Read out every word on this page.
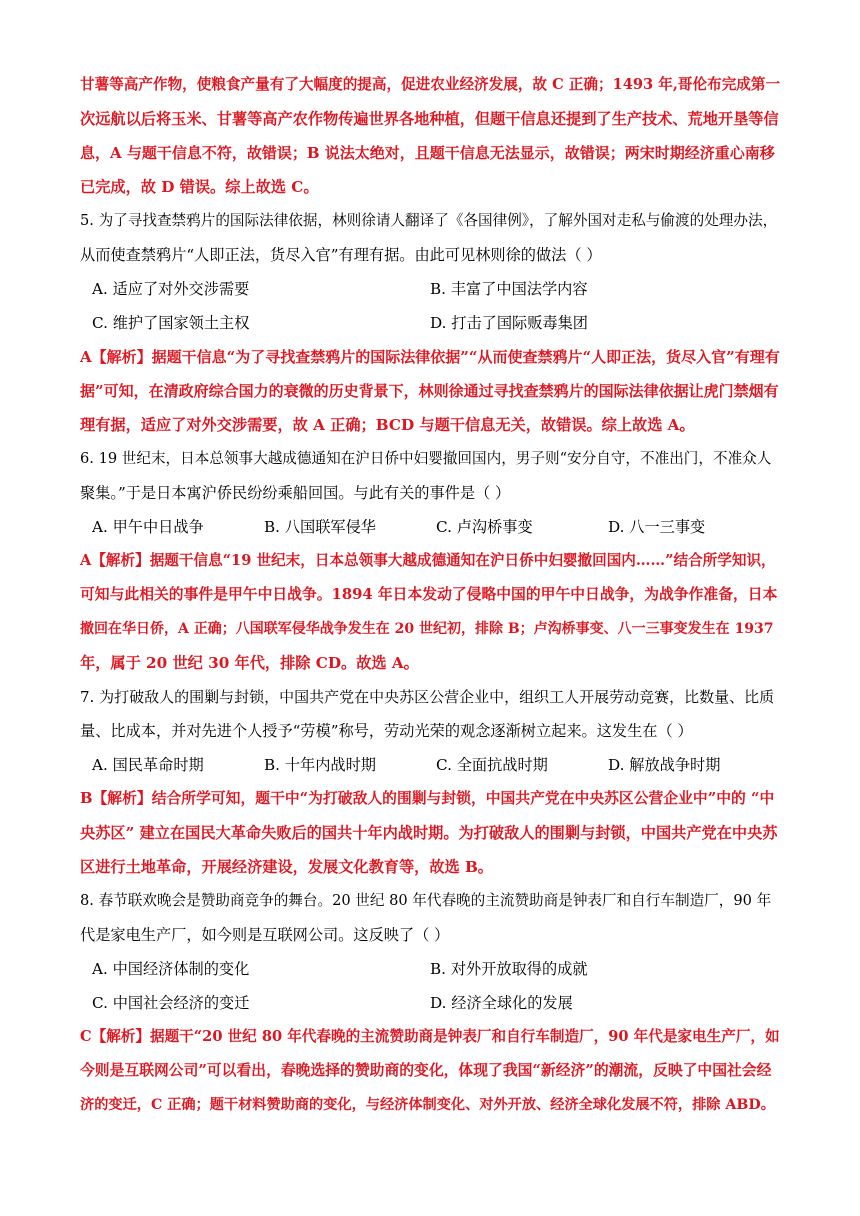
甘薯等高产作物，使粮食产量有了大幅度的提高，促进农业经济发展，故 C 正确；1493 年,哥伦布完成第一
次远航以后将玉米、甘薯等高产农作物传遍世界各地种植，但题干信息还提到了生产技术、荒地开垦等信
息，A 与题干信息不符，故错误；B 说法太绝对，且题干信息无法显示，故错误；两宋时期经济重心南移
已完成，故 D 错误。综上故选 C。
5. 为了寻找查禁鸦片的国际法律依据，林则徐请人翻译了《各国律例》，了解外国对走私与偷渡的处理办法，
从而使查禁鸦片“人即正法，货尽入官”有理有据。由此可见林则徐的做法（ ）
A. 适应了对外交涉需要	B. 丰富了中国法学内容
C. 维护了国家领土主权	D. 打击了国际贩毒集团
A【解析】据题干信息“为了寻找查禁鸦片的国际法律依据”“从而使查禁鸦片“人即正法，货尽入官”有理有
据”可知，在清政府综合国力的衰微的历史背景下，林则徐通过寻找查禁鸦片的国际法律依据让虎门禁烟有
理有据，适应了对外交涉需要，故 A 正确；BCD 与题干信息无关，故错误。综上故选 A。
6. 19 世纪末，日本总领事大越成德通知在沪日侨中妇婴撤回国内，男子则“安分自守，不准出门，不准众人
聚集。”于是日本寓沪侨民纷纷乘船回国。与此有关的事件是（ ）
A. 甲午中日战争	B. 八国联军侵华	C. 卢沟桥事变	D. 八一三事变
A【解析】据题干信息“19 世纪末，日本总领事大越成德通知在沪日侨中妇婴撤回国内……”结合所学知识，
可知与此相关的事件是甲午中日战争。1894 年日本发动了侵略中国的甲午中日战争，为战争作准备，日本
撤回在华日侨，A 正确；八国联军侵华战争发生在 20 世纪初，排除 B；卢沟桥事变、八一三事变发生在 1937
年，属于 20 世纪 30 年代，排除 CD。故选 A。
7. 为打破敌人的围剿与封锁，中国共产党在中央苏区公营企业中，组织工人开展劳动竞赛，比数量、比质
量、比成本，并对先进个人授予“劳模”称号，劳动光荣的观念逐渐树立起来。这发生在（ ）
A. 国民革命时期	B. 十年内战时期	C. 全面抗战时期	D. 解放战争时期
B【解析】结合所学可知，题干中“为打破敌人的围剿与封锁，中国共产党在中央苏区公营企业中”中的 “中
央苏区” 建立在国民大革命失败后的国共十年内战时期。为打破敌人的围剿与封锁，中国共产党在中央苏
区进行土地革命，开展经济建设，发展文化教育等，故选 B。
8. 春节联欢晚会是赞助商竞争的舞台。20 世纪 80 年代春晚的主流赞助商是钟表厂和自行车制造厂，90 年
代是家电生产厂，如今则是互联网公司。这反映了（ ）
A. 中国经济体制的变化	B. 对外开放取得的成就
C. 中国社会经济的变迁	D. 经济全球化的发展
C【解析】据题干“20 世纪 80 年代春晚的主流赞助商是钟表厂和自行车制造厂，90 年代是家电生产厂，如
今则是互联网公司”可以看出，春晚选择的赞助商的变化，体现了我国“新经济”的潮流，反映了中国社会经
济的变迁，C 正确；题干材料赞助商的变化，与经济体制变化、对外开放、经济全球化发展不符，排除 ABD。
